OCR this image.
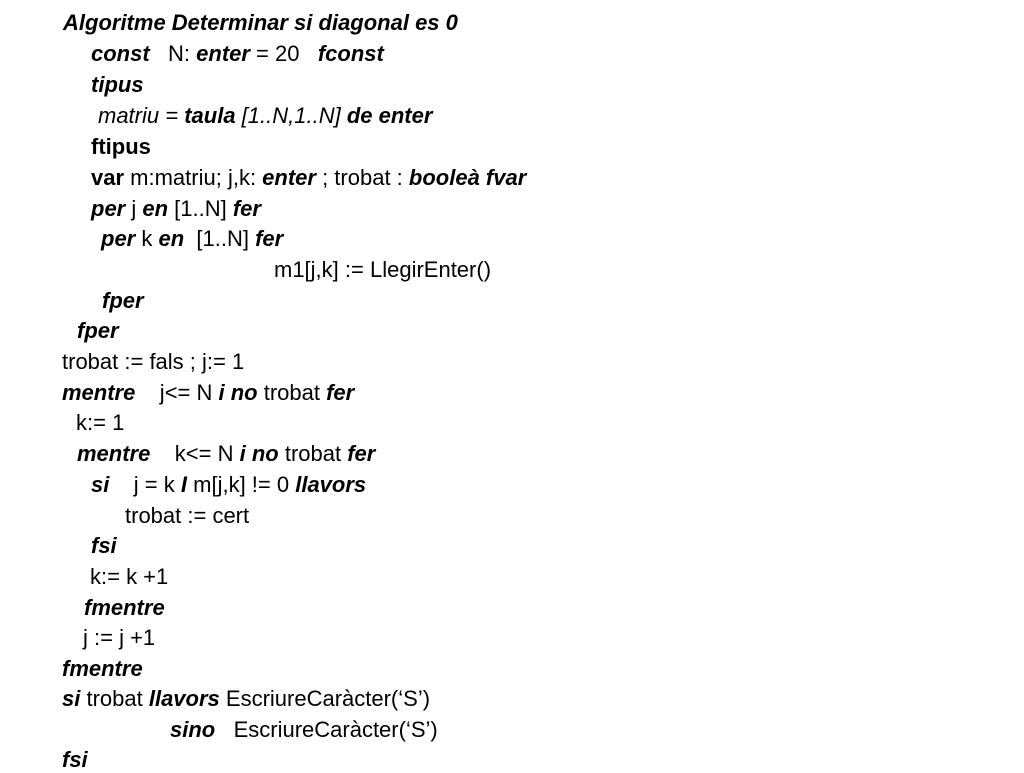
Algoritme Determinar si diagonal es 0
const   N: enter = 20   fconst
tipus
matriu = taula [1..N,1..N] de enter
ftipus
var m:matriu; j,k: enter ; trobat : booleà fvar
per j en [1..N] fer
per k en  [1..N] fer
m1[j,k] := LlegirEnter()
fper
fper
trobat := fals ; j:= 1
mentre    j<= N i no trobat fer
k:= 1
mentre    k<= N i no trobat fer
si    j = k I m[j,k] != 0 llavors
trobat := cert
fsi
k:= k +1
fmentre
j := j +1
fmentre
si trobat llavors EscriureCaràcter(‘S’)
sino   EscriureCaràcter(‘S’)
fsi
